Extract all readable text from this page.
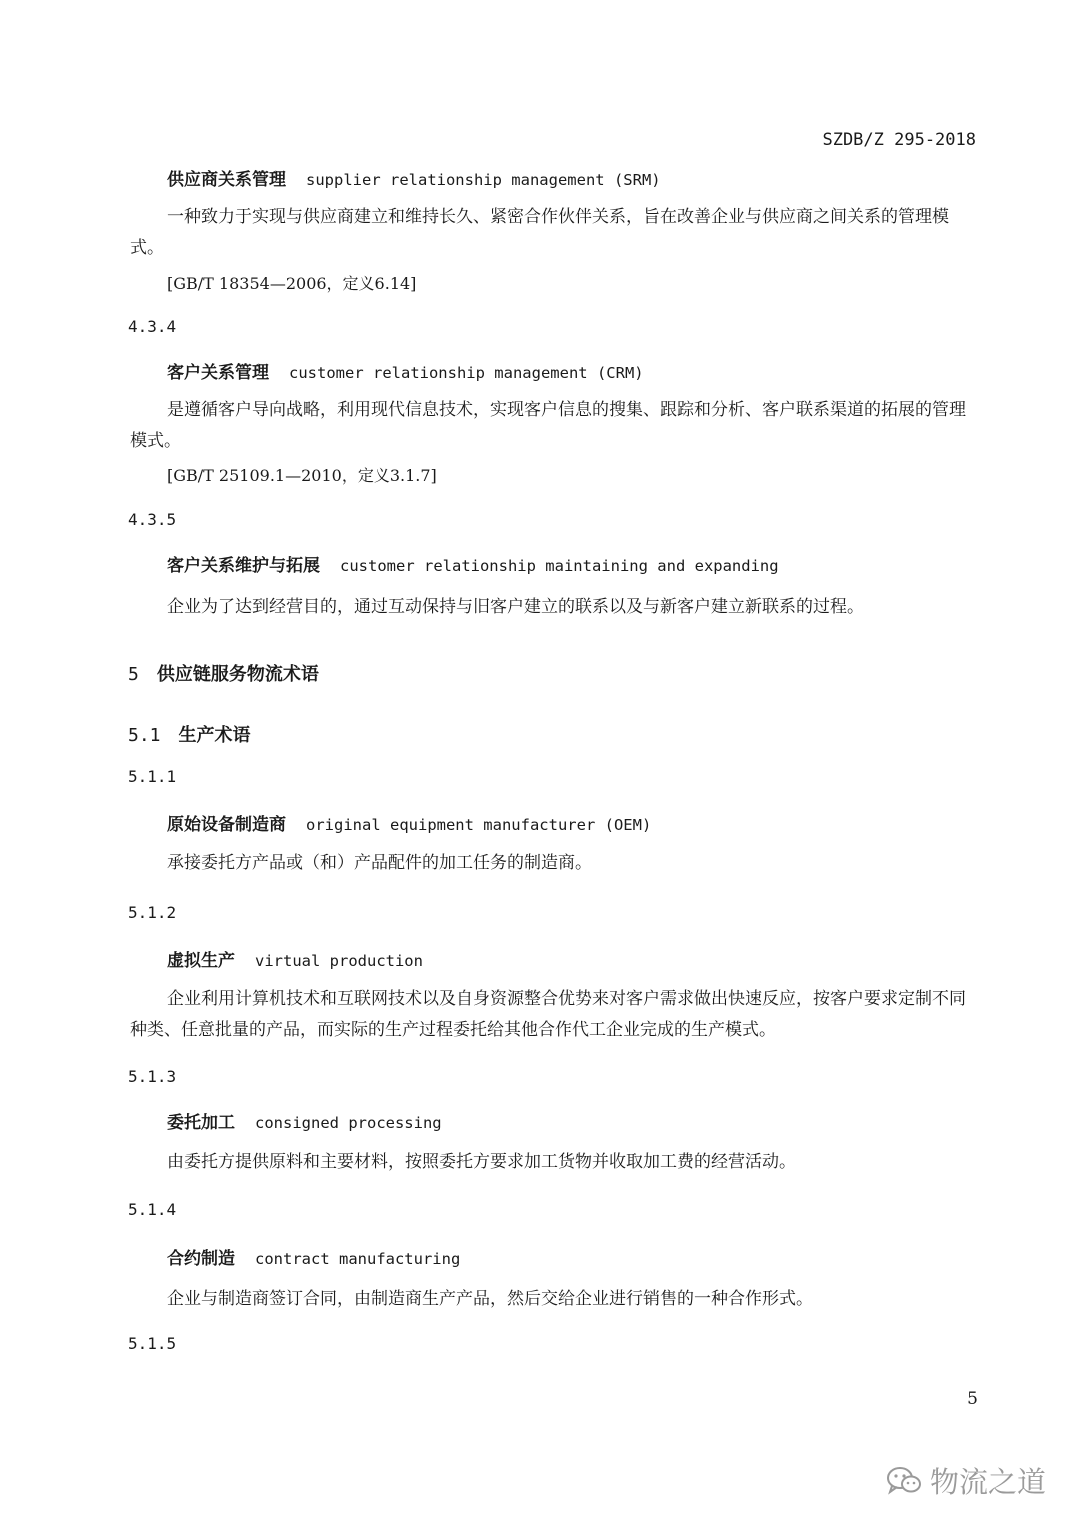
SZDB/Z 295-2018
供应商关系管理 supplier relationship management (SRM)
一种致力于实现与供应商建立和维持长久、紧密合作伙伴关系，旨在改善企业与供应商之间关系的管理模式。
[GB/T 18354—2006，定义6.14]
4.3.4
客户关系管理 customer relationship management (CRM)
是遵循客户导向战略，利用现代信息技术，实现客户信息的搜集、跟踪和分析、客户联系渠道的拓展的管理模式。
[GB/T 25109.1—2010，定义3.1.7]
4.3.5
客户关系维护与拓展 customer relationship maintaining and expanding
企业为了达到经营目的，通过互动保持与旧客户建立的联系以及与新客户建立新联系的过程。
5 供应链服务物流术语
5.1 生产术语
5.1.1
原始设备制造商 original equipment manufacturer (OEM)
承接委托方产品或（和）产品配件的加工任务的制造商。
5.1.2
虚拟生产 virtual production
企业利用计算机技术和互联网技术以及自身资源整合优势来对客户需求做出快速反应，按客户要求定制不同种类、任意批量的产品，而实际的生产过程委托给其他合作代工企业完成的生产模式。
5.1.3
委托加工 consigned processing
由委托方提供原料和主要材料，按照委托方要求加工货物并收取加工费的经营活动。
5.1.4
合约制造 contract manufacturing
企业与制造商签订合同，由制造商生产产品，然后交给企业进行销售的一种合作形式。
5.1.5
5
物流之道
